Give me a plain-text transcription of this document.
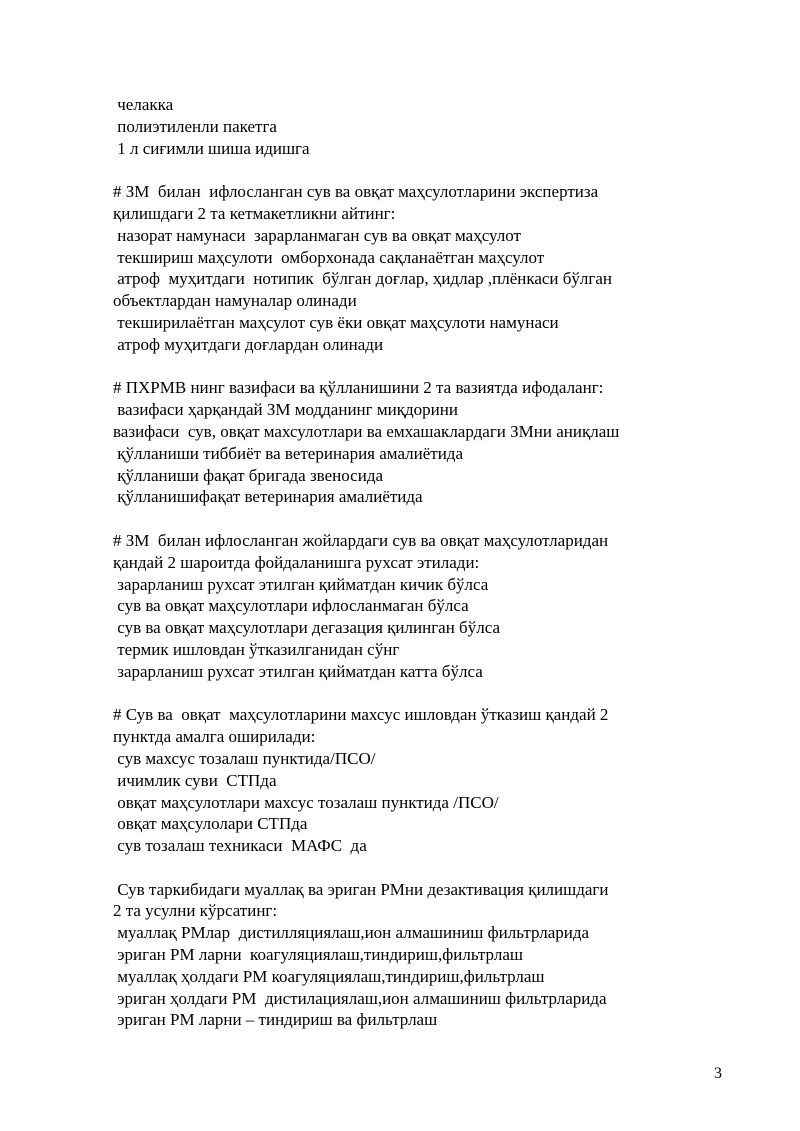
челакка
полиэтиленли пакетга
1 л сиғимли шиша идишга
# ЗМ  билан  ифлосланган сув ва овқат маҳсулотларини экспертиза
қилишдаги 2 та кетмакетликни айтинг:
назорат намунаси  зарарланмаган сув ва овқат маҳсулот
текшириш маҳсулоти  омборхонада сақланаётган маҳсулот
атроф  муҳитдаги  нотипик  бўлган доғлар, ҳидлар ,плёнкаси бўлган
объектлардан намуналар олинади
текширилаётган маҳсулот сув ёки овқат маҳсулоти намунаси
атроф муҳитдаги доғлардан олинади
# ПХРМВ нинг вазифаси ва қўлланишини 2 та вазиятда ифодаланг:
вазифаси ҳарқандай ЗМ модданинг миқдорини
вазифаси  сув, овқат махсулотлари ва емхашаклардаги ЗМни аниқлаш
қўлланиши тиббиёт ва ветеринария амалиётида
қўлланиши фақат бригада звеносида
қўлланишифақат ветеринария амалиётида
# ЗМ  билан ифлосланган жойлардаги сув ва овқат маҳсулотларидан
қандай 2 шароитда фойдаланишга рухсат этилади:
зарарланиш рухсат этилган қийматдан кичик бўлса
сув ва овқат маҳсулотлари ифлосланмаган бўлса
сув ва овқат маҳсулотлари дегазация қилинган бўлса
термик ишловдан ўтказилганидан сўнг
зарарланиш рухсат этилган қийматдан катта бўлса
# Сув ва  овқат  маҳсулотларини махсус ишловдан ўтказиш қандай 2
пунктда амалга оширилади:
сув махсус тозалаш пунктида/ПСО/
ичимлик суви  СТПда
овқат маҳсулотлари махсус тозалаш пунктида /ПСО/
овқат маҳсулолари СТПда
сув тозалаш техникаси  МАФС  да
Сув таркибидаги муаллақ ва эриган РМни дезактивация қилишдаги
2 та усулни кўрсатинг:
муаллақ РМлар  дистилляциялаш,ион алмашиниш фильтрларида
эриган РМ ларни  коагуляциялаш,тиндириш,фильтрлаш
муаллақ ҳолдаги РМ коагуляциялаш,тиндириш,фильтрлаш
эриган ҳолдаги РМ  дистилациялаш,ион алмашиниш фильтрларида
эриган РМ ларни – тиндириш ва фильтрлаш
3
